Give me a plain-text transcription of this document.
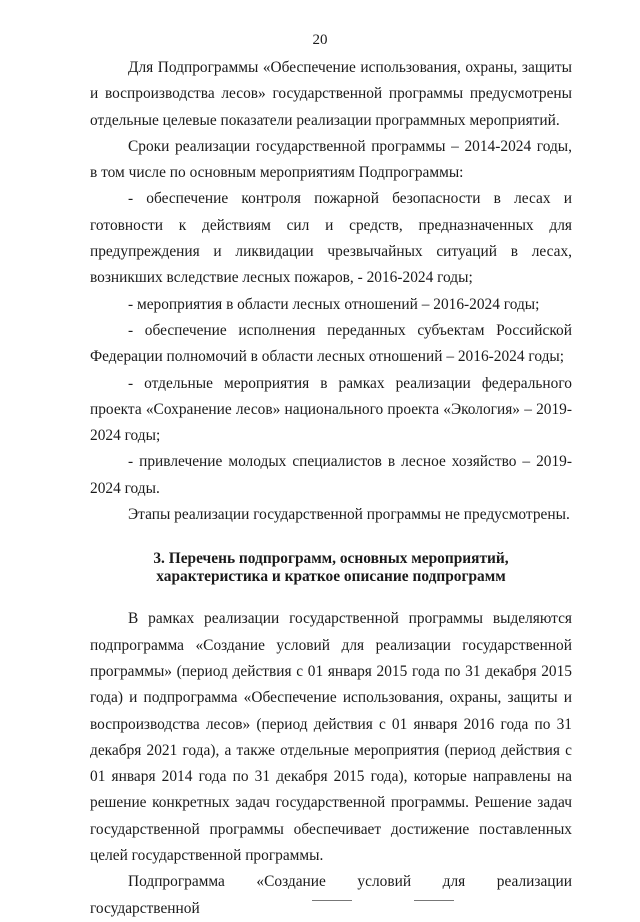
20

Для Подпрограммы «Обеспечение использования, охраны, защиты и воспроизводства лесов» государственной программы предусмотрены отдельные целевые показатели реализации программных мероприятий.

Сроки реализации государственной программы – 2014-2024 годы, в том числе по основным мероприятиям Подпрограммы:

- обеспечение контроля пожарной безопасности в лесах и готовности к действиям сил и средств, предназначенных для предупреждения и ликвидации чрезвычайных ситуаций в лесах, возникших вследствие лесных пожаров, - 2016-2024 годы;

- мероприятия в области лесных отношений – 2016-2024 годы;

- обеспечение исполнения переданных субъектам Российской Федерации полномочий в области лесных отношений – 2016-2024 годы;

- отдельные мероприятия в рамках реализации федерального проекта «Сохранение лесов» национального проекта «Экология» – 2019-2024 годы;

- привлечение молодых специалистов в лесное хозяйство – 2019-2024 годы.

Этапы реализации государственной программы не предусмотрены.

3. Перечень подпрограмм, основных мероприятий,
характеристика и краткое описание подпрограмм

В рамках реализации государственной программы выделяются подпрограмма «Создание условий для реализации государственной программы» (период действия с 01 января 2015 года по 31 декабря 2015 года) и подпрограмма «Обеспечение использования, охраны, защиты и воспроизводства лесов» (период действия с 01 января 2016 года по 31 декабря 2021 года), а также отдельные мероприятия (период действия с 01 января 2014 года по 31 декабря 2015 года), которые направлены на решение конкретных задач государственной программы. Решение задач государственной программы обеспечивает достижение поставленных целей государственной программы.

Подпрограмма «Создание условий для реализации государственной
